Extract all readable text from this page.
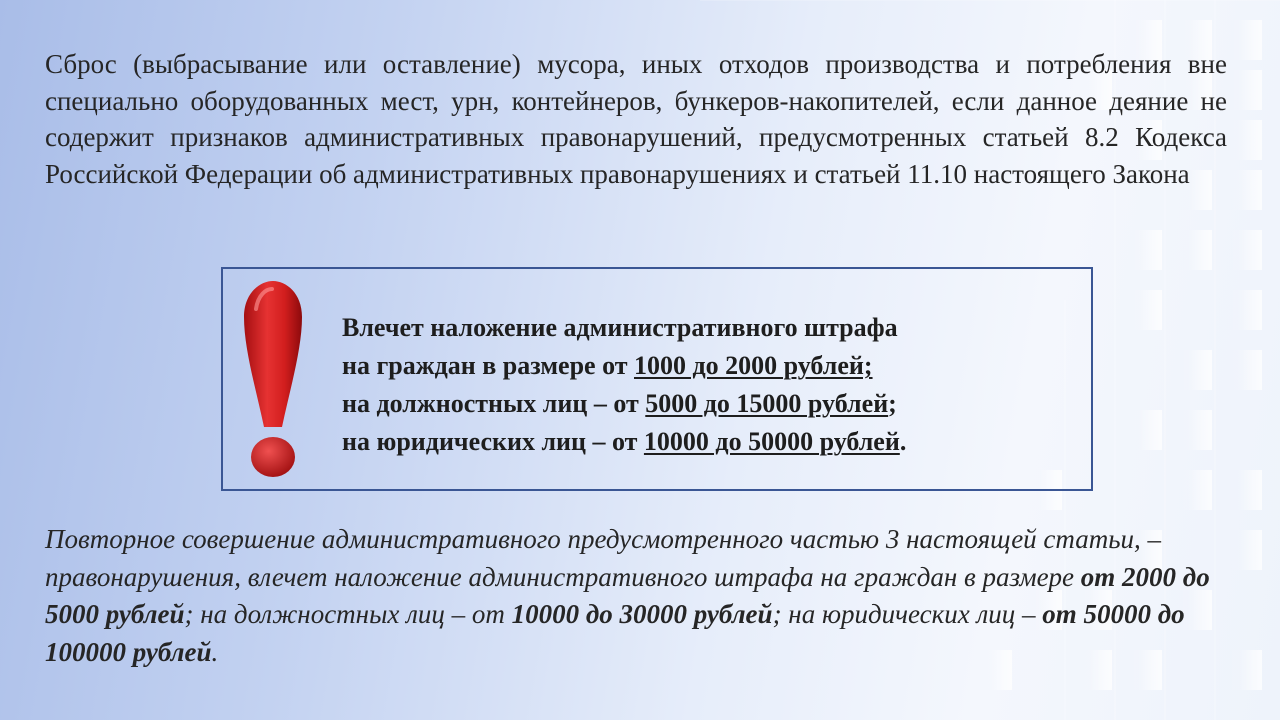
Сброс (выбрасывание или оставление) мусора, иных отходов производства и потребления вне специально оборудованных мест, урн, контейнеров, бункеров-накопителей, если данное деяние не содержит признаков административных правонарушений, предусмотренных статьей 8.2 Кодекса Российской Федерации об административных правонарушениях и статьей 11.10 настоящего Закона

Влечет наложение административного штрафа
на граждан в размере от 1000 до 2000 рублей;
на должностных лиц – от 5000 до 15000 рублей;
на юридических лиц – от 10000 до 50000 рублей.

Повторное совершение административного предусмотренного частью 3 настоящей статьи, – правонарушения, влечет наложение административного штрафа на граждан в размере от 2000 до 5000 рублей; на должностных лиц – от 10000 до 30000 рублей; на юридических лиц – от 50000 до 100000 рублей.
